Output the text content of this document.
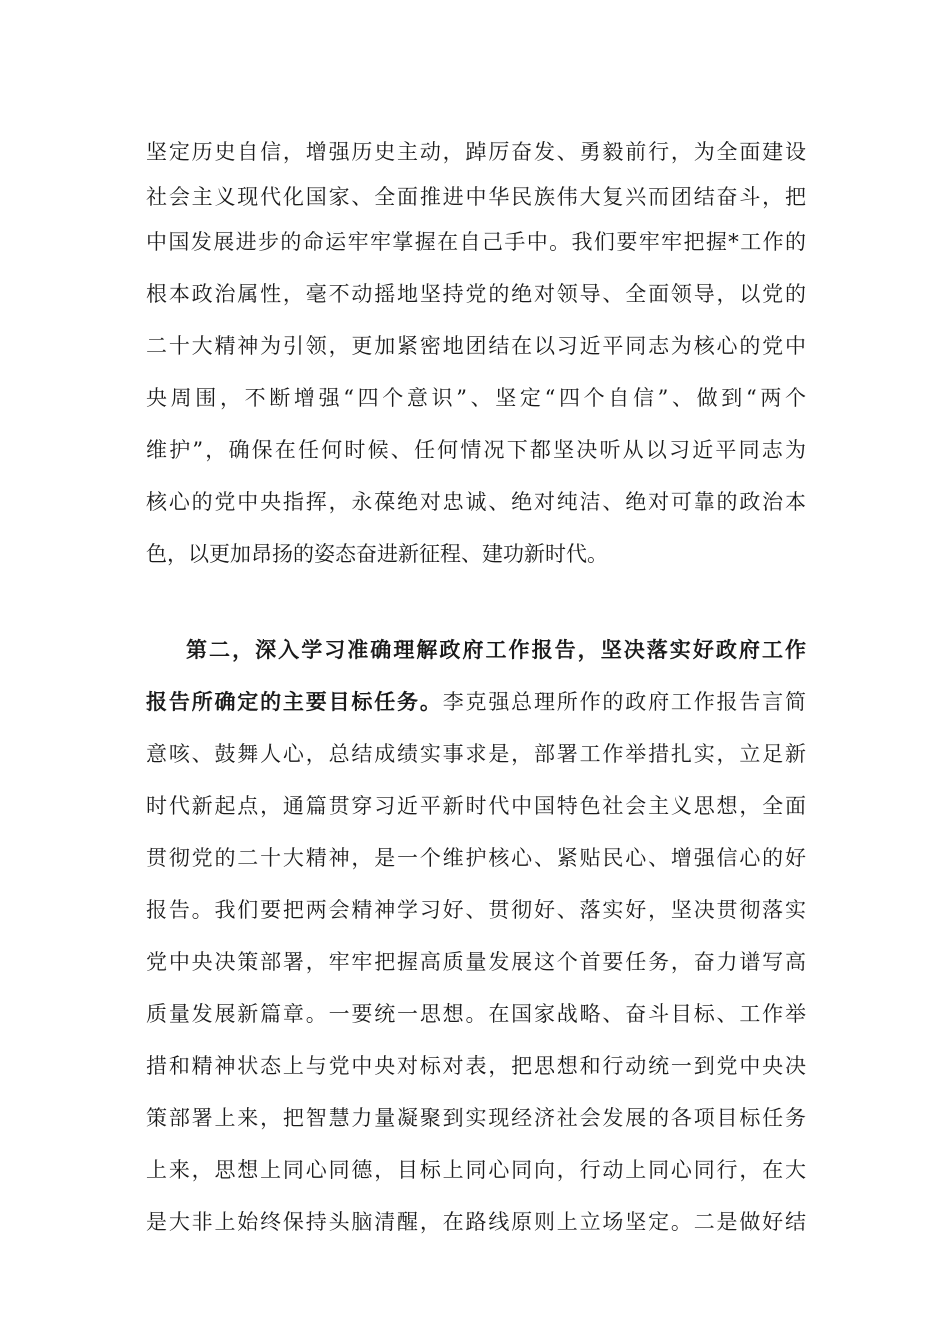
坚定历史自信，增强历史主动，踔厉奋发、勇毅前行，为全面建设
社会主义现代化国家、全面推进中华民族伟大复兴而团结奋斗，把
中国发展进步的命运牢牢掌握在自己手中。我们要牢牢把握*工作的
根本政治属性，毫不动摇地坚持党的绝对领导、全面领导，以党的
二十大精神为引领，更加紧密地团结在以习近平同志为核心的党中
央周围，不断增强“四个意识”、坚定“四个自信”、做到“两个
维护”，确保在任何时候、任何情况下都坚决听从以习近平同志为
核心的党中央指挥，永葆绝对忠诚、绝对纯洁、绝对可靠的政治本
色，以更加昂扬的姿态奋进新征程、建功新时代。
第二，深入学习准确理解政府工作报告，坚决落实好政府工作
报告所确定的主要目标任务。李克强总理所作的政府工作报告言简
意咳、鼓舞人心，总结成绩实事求是，部署工作举措扎实，立足新
时代新起点，通篇贯穿习近平新时代中国特色社会主义思想，全面
贯彻党的二十大精神，是一个维护核心、紧贴民心、增强信心的好
报告。我们要把两会精神学习好、贯彻好、落实好，坚决贯彻落实
党中央决策部署，牢牢把握高质量发展这个首要任务，奋力谱写高
质量发展新篇章。一要统一思想。在国家战略、奋斗目标、工作举
措和精神状态上与党中央对标对表，把思想和行动统一到党中央决
策部署上来，把智慧力量凝聚到实现经济社会发展的各项目标任务
上来，思想上同心同德，目标上同心同向，行动上同心同行，在大
是大非上始终保持头脑清醒，在路线原则上立场坚定。二是做好结
